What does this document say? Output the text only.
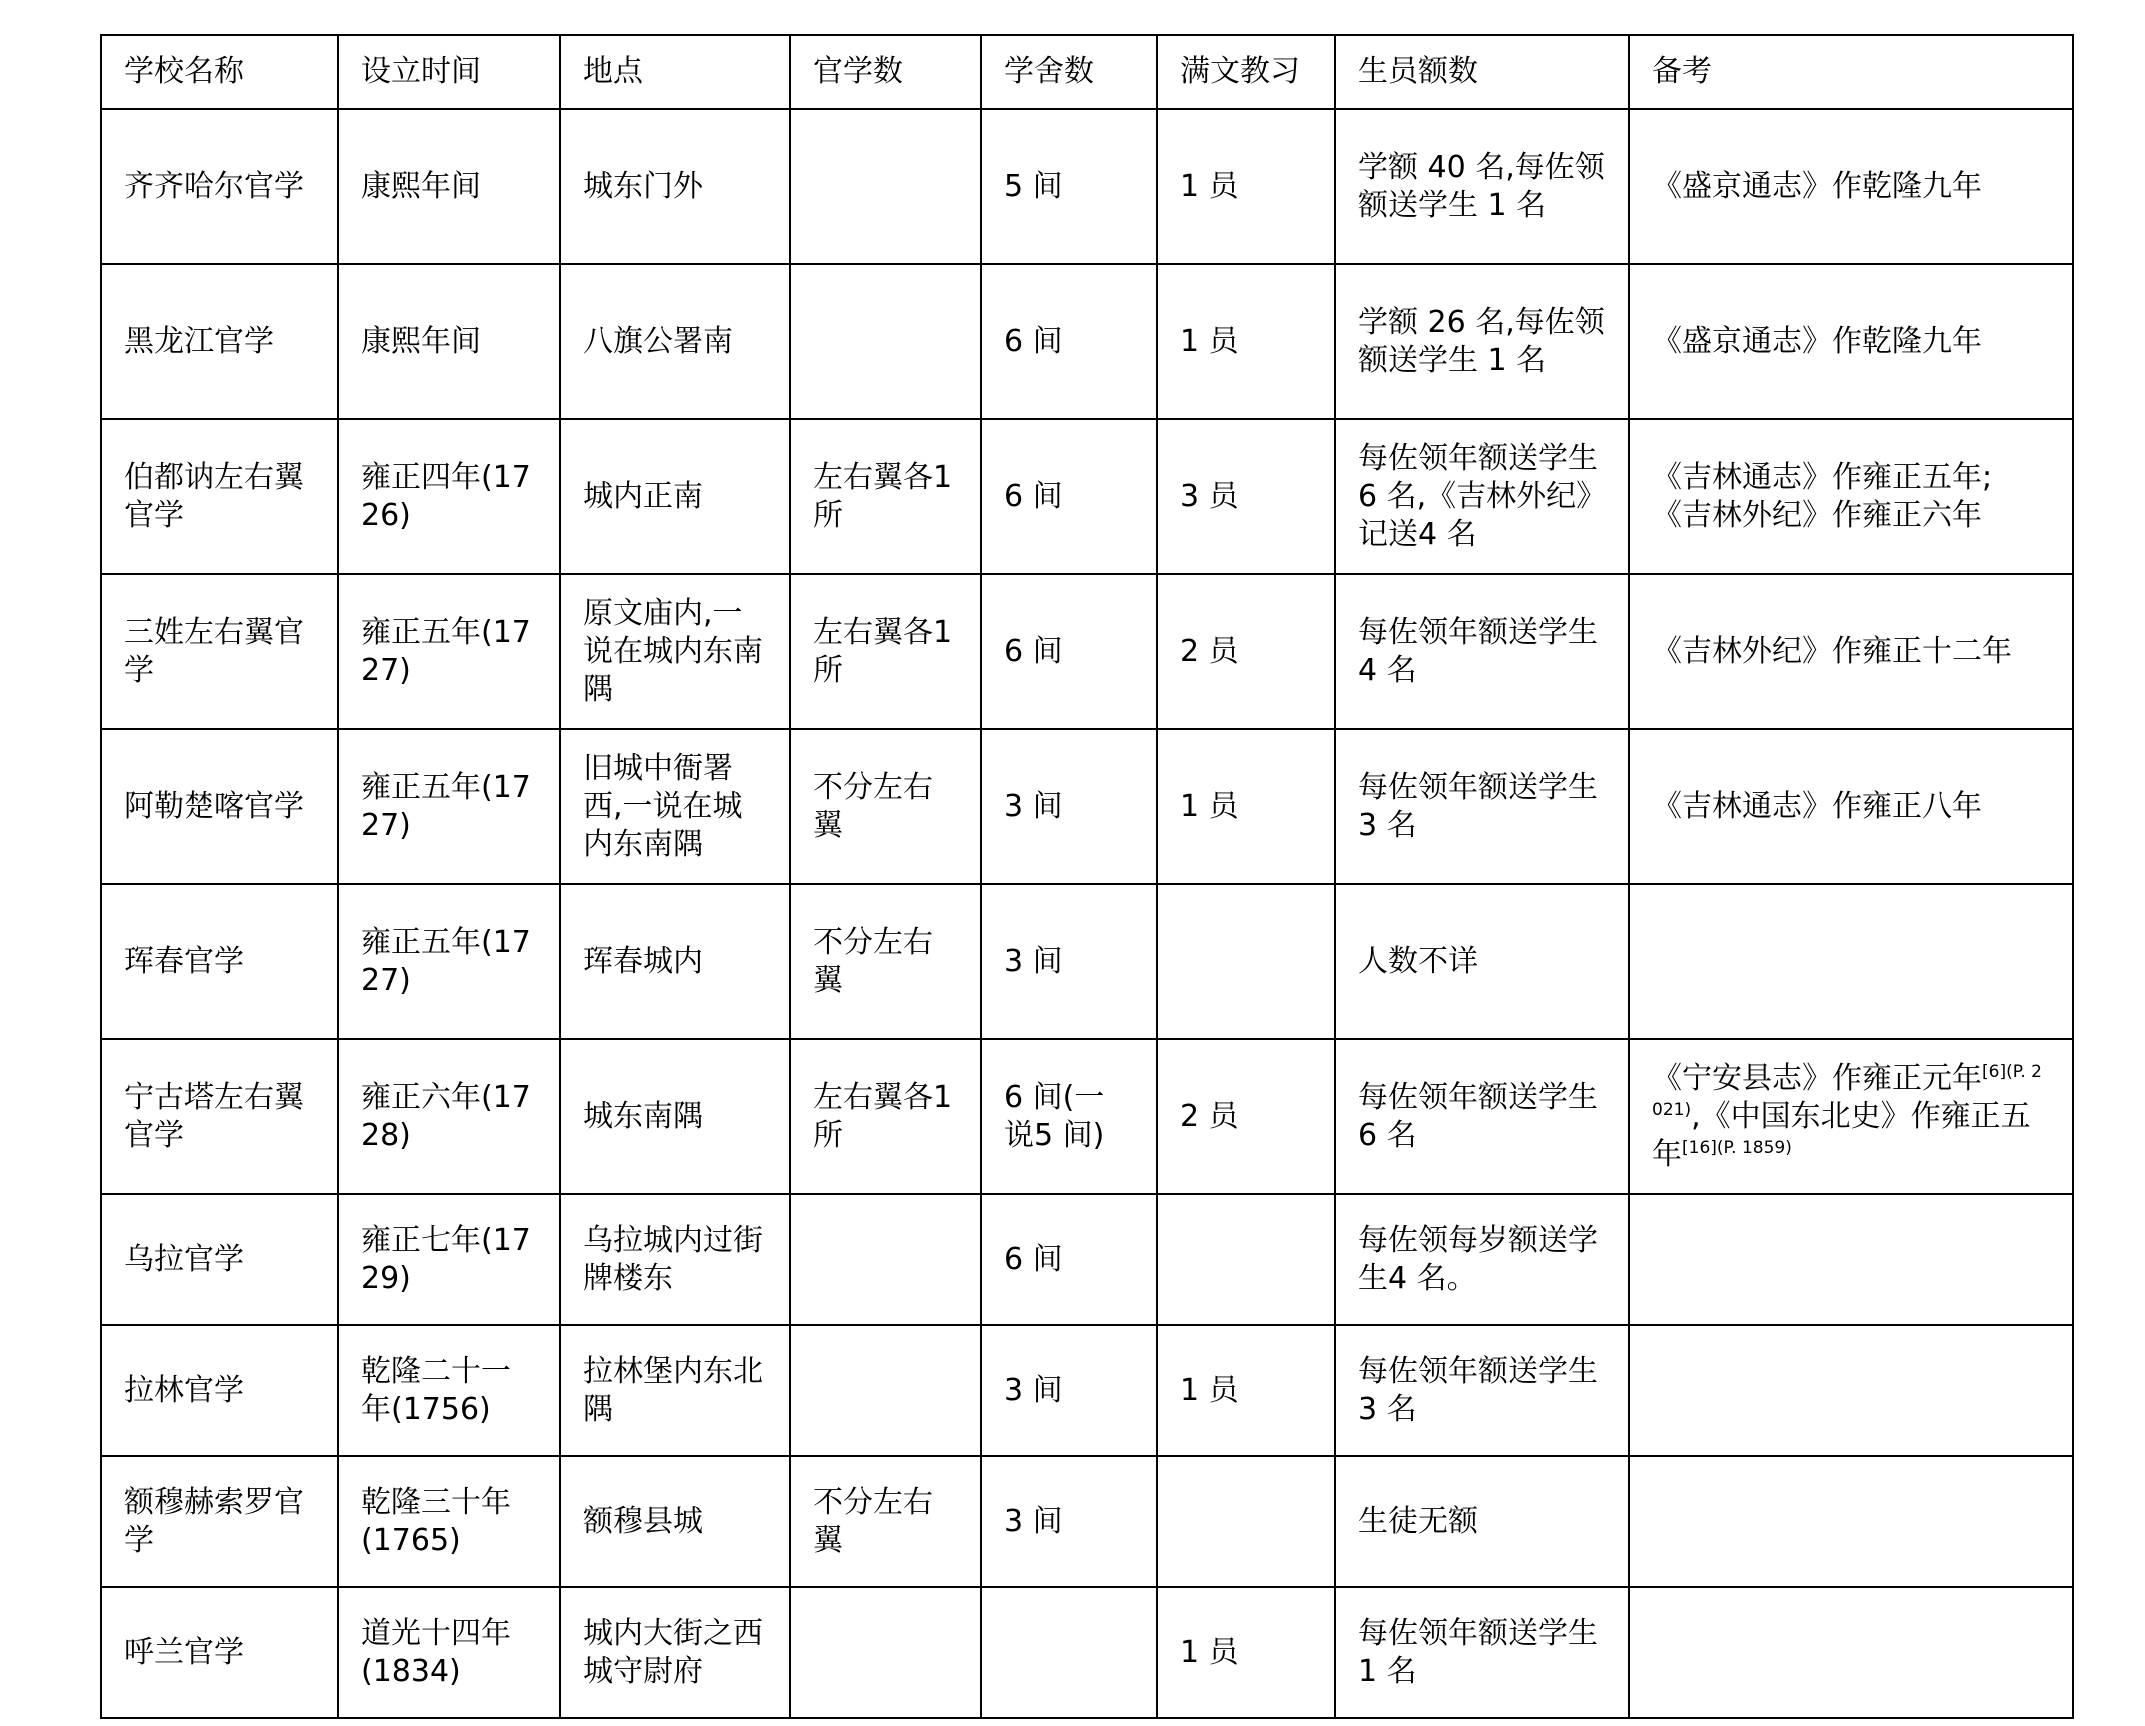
学校名称	设立时间	地点	官学数	学舍数	满文教习	生员额数	备考
齐齐哈尔官学	康熙年间	城东门外		5 间	1 员	学额 40 名,每佐领额送学生 1 名	《盛京通志》作乾隆九年
黑龙江官学	康熙年间	八旗公署南		6 间	1 员	学额 26 名,每佐领额送学生 1 名	《盛京通志》作乾隆九年
伯都讷左右翼官学	雍正四年(1726)	城内正南	左右翼各1所	6 间	3 员	每佐领年额送学生6 名,《吉林外纪》记送4 名	《吉林通志》作雍正五年;《吉林外纪》作雍正六年
三姓左右翼官学	雍正五年(1727)	原文庙内,一说在城内东南隅	左右翼各1所	6 间	2 员	每佐领年额送学生4 名	《吉林外纪》作雍正十二年
阿勒楚喀官学	雍正五年(1727)	旧城中衙署西,一说在城内东南隅	不分左右翼	3 间	1 员	每佐领年额送学生3 名	《吉林通志》作雍正八年
珲春官学	雍正五年(1727)	珲春城内	不分左右翼	3 间		人数不详	
宁古塔左右翼官学	雍正六年(1728)	城东南隅	左右翼各1所	6 间(一说5 间)	2 员	每佐领年额送学生6 名	《宁安县志》作雍正元年$^{[6](P. 2021)}$,《中国东北史》作雍正五年$^{[16](P. 1859)}$
乌拉官学	雍正七年(1729)	乌拉城内过街牌楼东		6 间		每佐领每岁额送学生4 名。	
拉林官学	乾隆二十一年(1756)	拉林堡内东北隅		3 间	1 员	每佐领年额送学生3 名	
额穆赫索罗官学	乾隆三十年(1765)	额穆县城	不分左右翼	3 间		生徒无额	
呼兰官学	道光十四年(1834)	城内大街之西城守尉府			1 员	每佐领年额送学生1 名	
